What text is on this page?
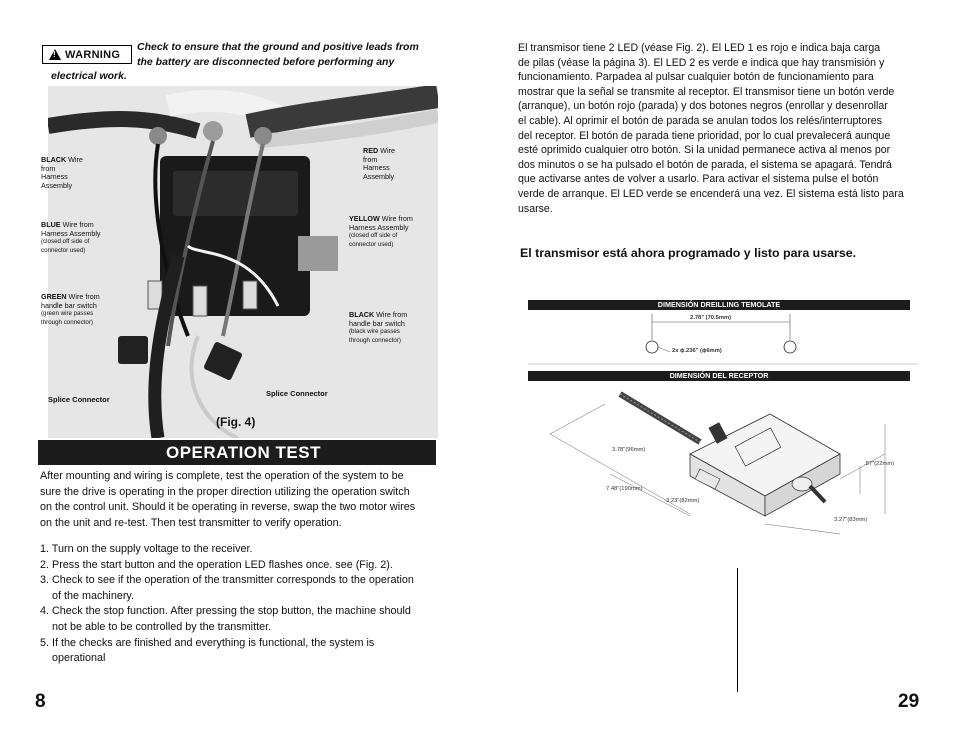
!
WARNING
Check to ensure that the ground and positive leads from
the battery are disconnected before performing any
electrical work.
BLACK Wire
from
Harness
Assembly
RED Wire
from
Harness
Assembly
BLUE Wire from
Harness Assembly
(closed off side of
connector used)
YELLOW Wire from
Harness Assembly
(closed off side of
connector used)
GREEN Wire from
handle bar switch
(green wire passes
through connector)
BLACK Wire from
handle bar switch
(black wire passes
through connector)
Splice Connector
Splice Connector
(Fig. 4)
OPERATION TEST
After mounting and wiring is complete, test the operation of the system to be
sure the drive is operating in the proper direction utilizing the operation switch
on the control unit. Should it be operating in reverse, swap the two motor wires
on the unit and re-test. Then test transmitter to verify operation.
1. Turn on the supply voltage to the receiver.
2. Press the start button and the operation LED flashes once. see (Fig. 2).
3. Check to see if the operation of the transmitter corresponds to the operation
of the machinery.
4. Check the stop function. After pressing the stop button, the machine should
not be able to be controlled by the transmitter.
5. If the checks are finished and everything is functional, the system is
operational
8
El transmisor tiene 2 LED (véase Fig. 2). El LED 1 es rojo e indica baja carga
de pilas (véase la página 3). El LED 2 es verde e indica que hay transmisión y
funcionamiento. Parpadea al pulsar cualquier botón de funcionamiento para
mostrar que la señal se transmite al receptor. El transmisor tiene un botón verde
(arranque), un botón rojo (parada) y dos botones negros (enrollar y desenrollar
el cable). Al oprimir el botón de parada se anulan todos los relés/interruptores
del receptor. El botón de parada tiene prioridad, por lo cual prevalecerá aunque
esté oprimido cualquier otro botón. Si la unidad permanece activa al menos por
dos minutos o se ha pulsado el botón de parada, el sistema se apagará. Tendrá
que activarse antes de volver a usarlo. Para activar el sistema pulse el botón
verde de arranque. El LED verde se encenderá una vez. El sistema está listo para
usarse.
El transmisor está ahora programado y listo para usarse.
DIMENSIÓN DREILLING TEMOLATE
2.78" (70.5mm)
2x ϕ.236" (ϕ6mm)
DIMENSIÓN DEL RECEPTOR
3.78"(96mm)
7.48"(190mm)
3.23"(82mm)
.87"(22mm)
3.27"(83mm)
29
